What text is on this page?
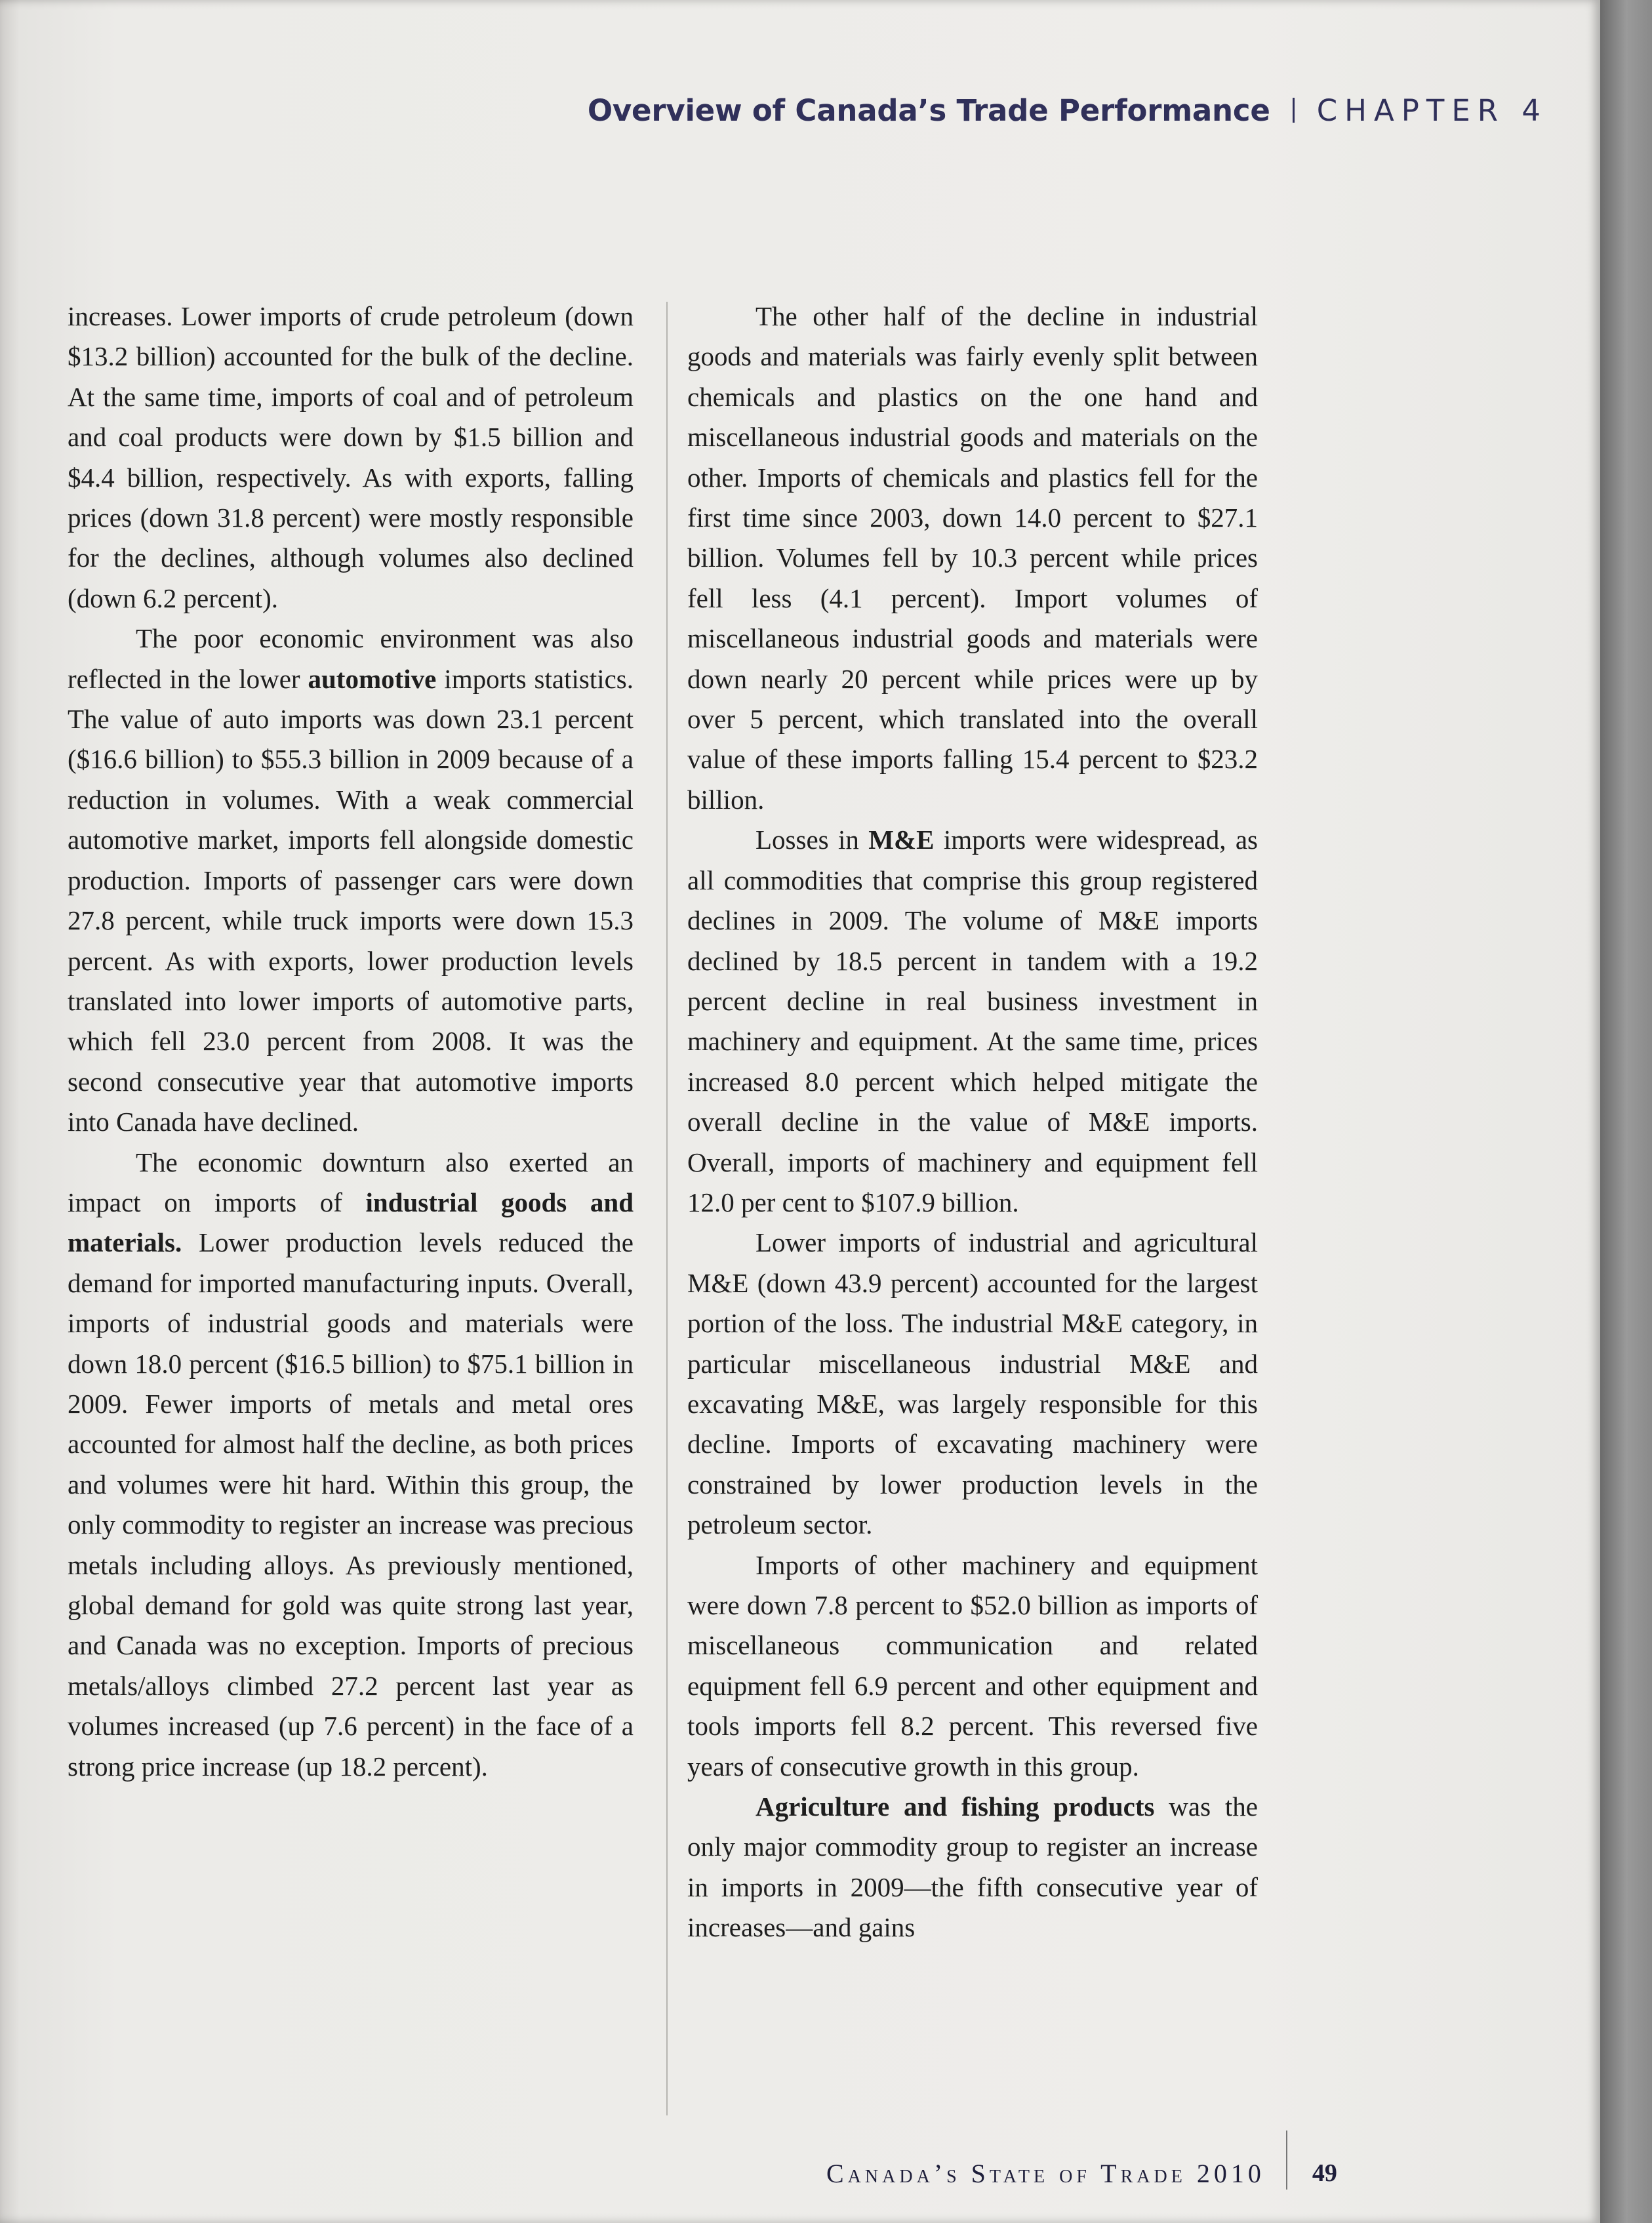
Overview of Canada’s Trade Performance CHAPTER 4

increases. Lower imports of crude petroleum (down $13.2 billion) accounted for the bulk of the decline. At the same time, imports of coal and of petroleum and coal products were down by $1.5 billion and $4.4 billion, respectively. As with exports, falling prices (down 31.8 percent) were mostly responsible for the declines, although volumes also declined (down 6.2 percent).

The poor economic environment was also reflected in the lower automotive imports statistics. The value of auto imports was down 23.1 percent ($16.6 billion) to $55.3 billion in 2009 because of a reduction in volumes. With a weak commercial automotive market, imports fell alongside domestic production. Imports of passenger cars were down 27.8 percent, while truck imports were down 15.3 percent. As with exports, lower production levels translated into lower imports of automotive parts, which fell 23.0 percent from 2008. It was the second consecutive year that automotive imports into Canada have declined.

The economic downturn also exerted an impact on imports of industrial goods and materials. Lower production levels reduced the demand for imported manufacturing inputs. Overall, imports of industrial goods and materials were down 18.0 percent ($16.5 billion) to $75.1 billion in 2009. Fewer imports of metals and metal ores accounted for almost half the decline, as both prices and volumes were hit hard. Within this group, the only commodity to register an increase was precious metals including alloys. As previously mentioned, global demand for gold was quite strong last year, and Canada was no exception. Imports of precious metals/alloys climbed 27.2 percent last year as volumes increased (up 7.6 percent) in the face of a strong price increase (up 18.2 percent).

The other half of the decline in industrial goods and materials was fairly evenly split between chemicals and plastics on the one hand and miscellaneous industrial goods and materials on the other. Imports of chemicals and plastics fell for the first time since 2003, down 14.0 percent to $27.1 billion. Volumes fell by 10.3 percent while prices fell less (4.1 percent). Import volumes of miscellaneous industrial goods and materials were down nearly 20 percent while prices were up by over 5 percent, which translated into the overall value of these imports falling 15.4 percent to $23.2 billion.

Losses in M&E imports were widespread, as all commodities that comprise this group registered declines in 2009. The volume of M&E imports declined by 18.5 percent in tandem with a 19.2 percent decline in real business investment in machinery and equipment. At the same time, prices increased 8.0 percent which helped mitigate the overall decline in the value of M&E imports. Overall, imports of machinery and equipment fell 12.0 per cent to $107.9 billion.

Lower imports of industrial and agricultural M&E (down 43.9 percent) accounted for the largest portion of the loss. The industrial M&E category, in particular miscellaneous industrial M&E and excavating M&E, was largely responsible for this decline. Imports of excavating machinery were constrained by lower production levels in the petroleum sector.

Imports of other machinery and equipment were down 7.8 percent to $52.0 billion as imports of miscellaneous communication and related equipment fell 6.9 percent and other equipment and tools imports fell 8.2 percent. This reversed five years of consecutive growth in this group.

Agriculture and fishing products was the only major commodity group to register an increase in imports in 2009—the fifth consecutive year of increases—and gains

Canada’s State of Trade 2010 49
